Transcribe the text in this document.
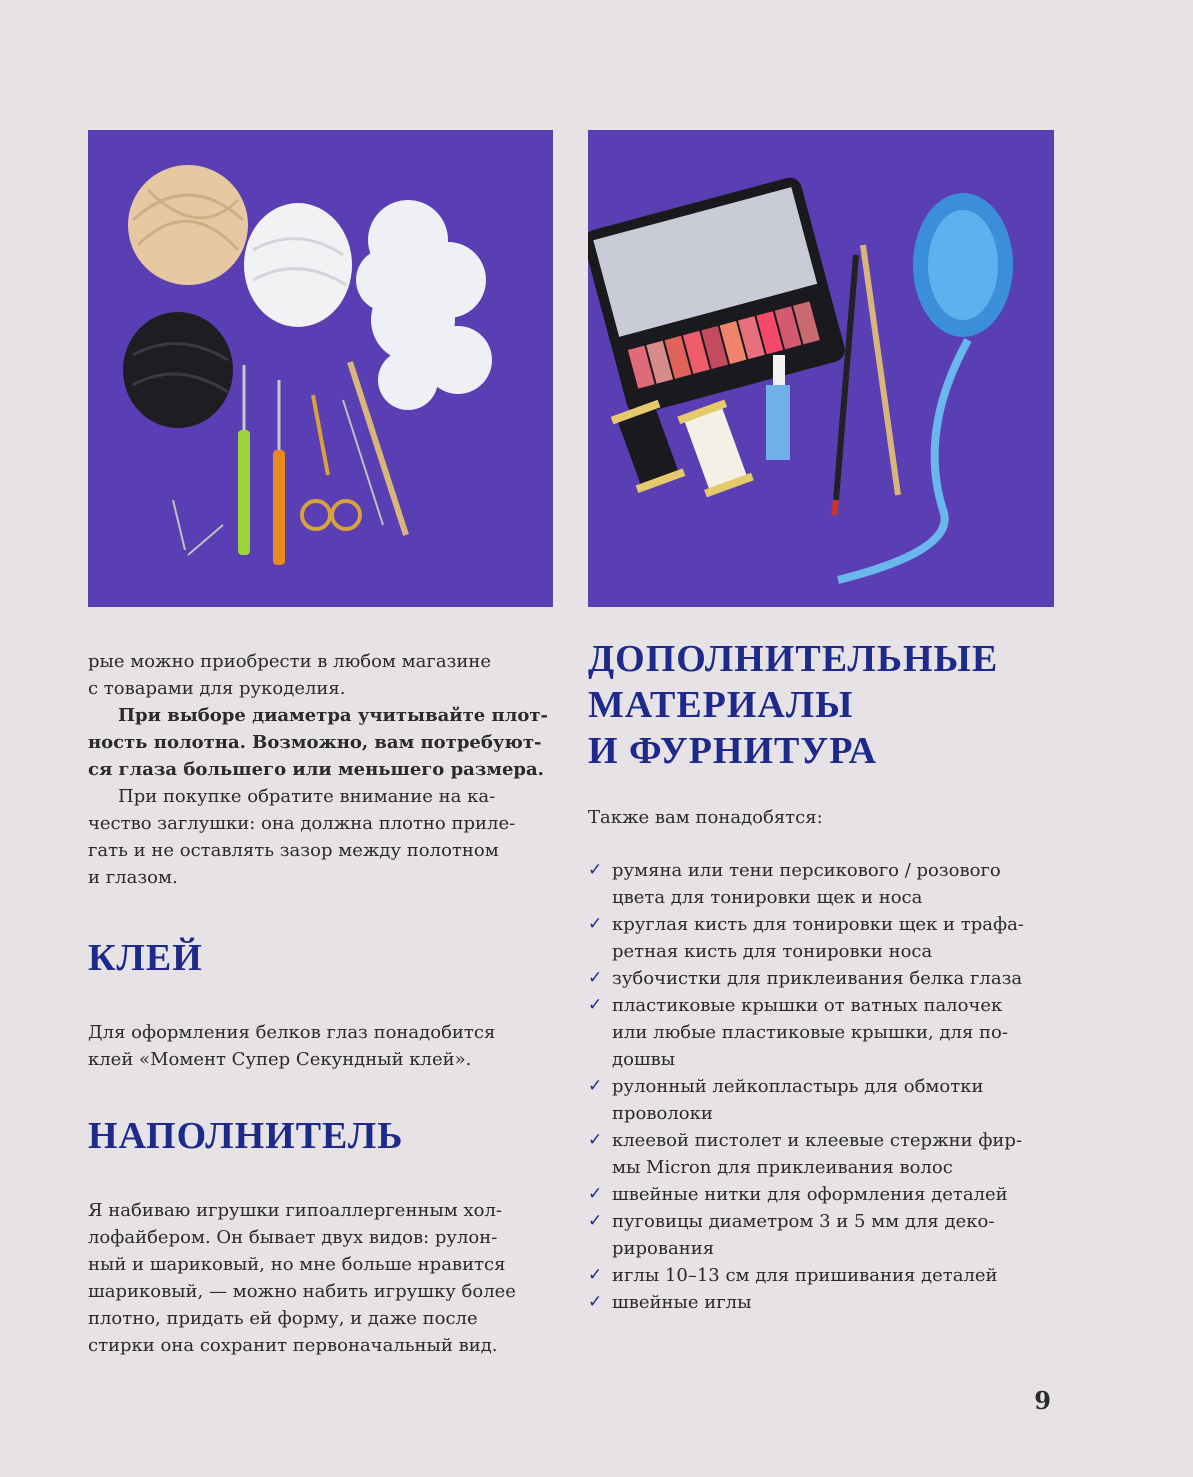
рые можно приобрести в любом магазине
с товарами для рукоделия.

При выборе диаметра учитывайте плот-
ность полотна. Возможно, вам потребуют-
ся глаза большего или меньшего размера.

При покупке обратите внимание на ка-
чество заглушки: она должна плотно приле-
гать и не оставлять зазор между полотном
и глазом.

КЛЕЙ

Для оформления белков глаз понадобится
клей «Момент Супер Секундный клей».

НАПОЛНИТЕЛЬ

Я набиваю игрушки гипоаллергенным хол-
лофайбером. Он бывает двух видов: рулон-
ный и шариковый, но мне больше нравится
шариковый, — можно набить игрушку более
плотно, придать ей форму, и даже после
стирки она сохранит первоначальный вид.

ДОПОЛНИТЕЛЬНЫЕ
МАТЕРИАЛЫ
И ФУРНИТУРА

Также вам понадобятся:

✓ румяна или тени персикового / розового
цвета для тонировки щек и носа
✓ круглая кисть для тонировки щек и трафа-
ретная кисть для тонировки носа
✓ зубочистки для приклеивания белка глаза
✓ пластиковые крышки от ватных палочек
или любые пластиковые крышки, для по-
дошвы
✓ рулонный лейкопластырь для обмотки
проволоки
✓ клеевой пистолет и клеевые стержни фир-
мы Micron для приклеивания волос
✓ швейные нитки для оформления деталей
✓ пуговицы диаметром 3 и 5 мм для деко-
рирования
✓ иглы 10–13 см для пришивания деталей
✓ швейные иглы
9
